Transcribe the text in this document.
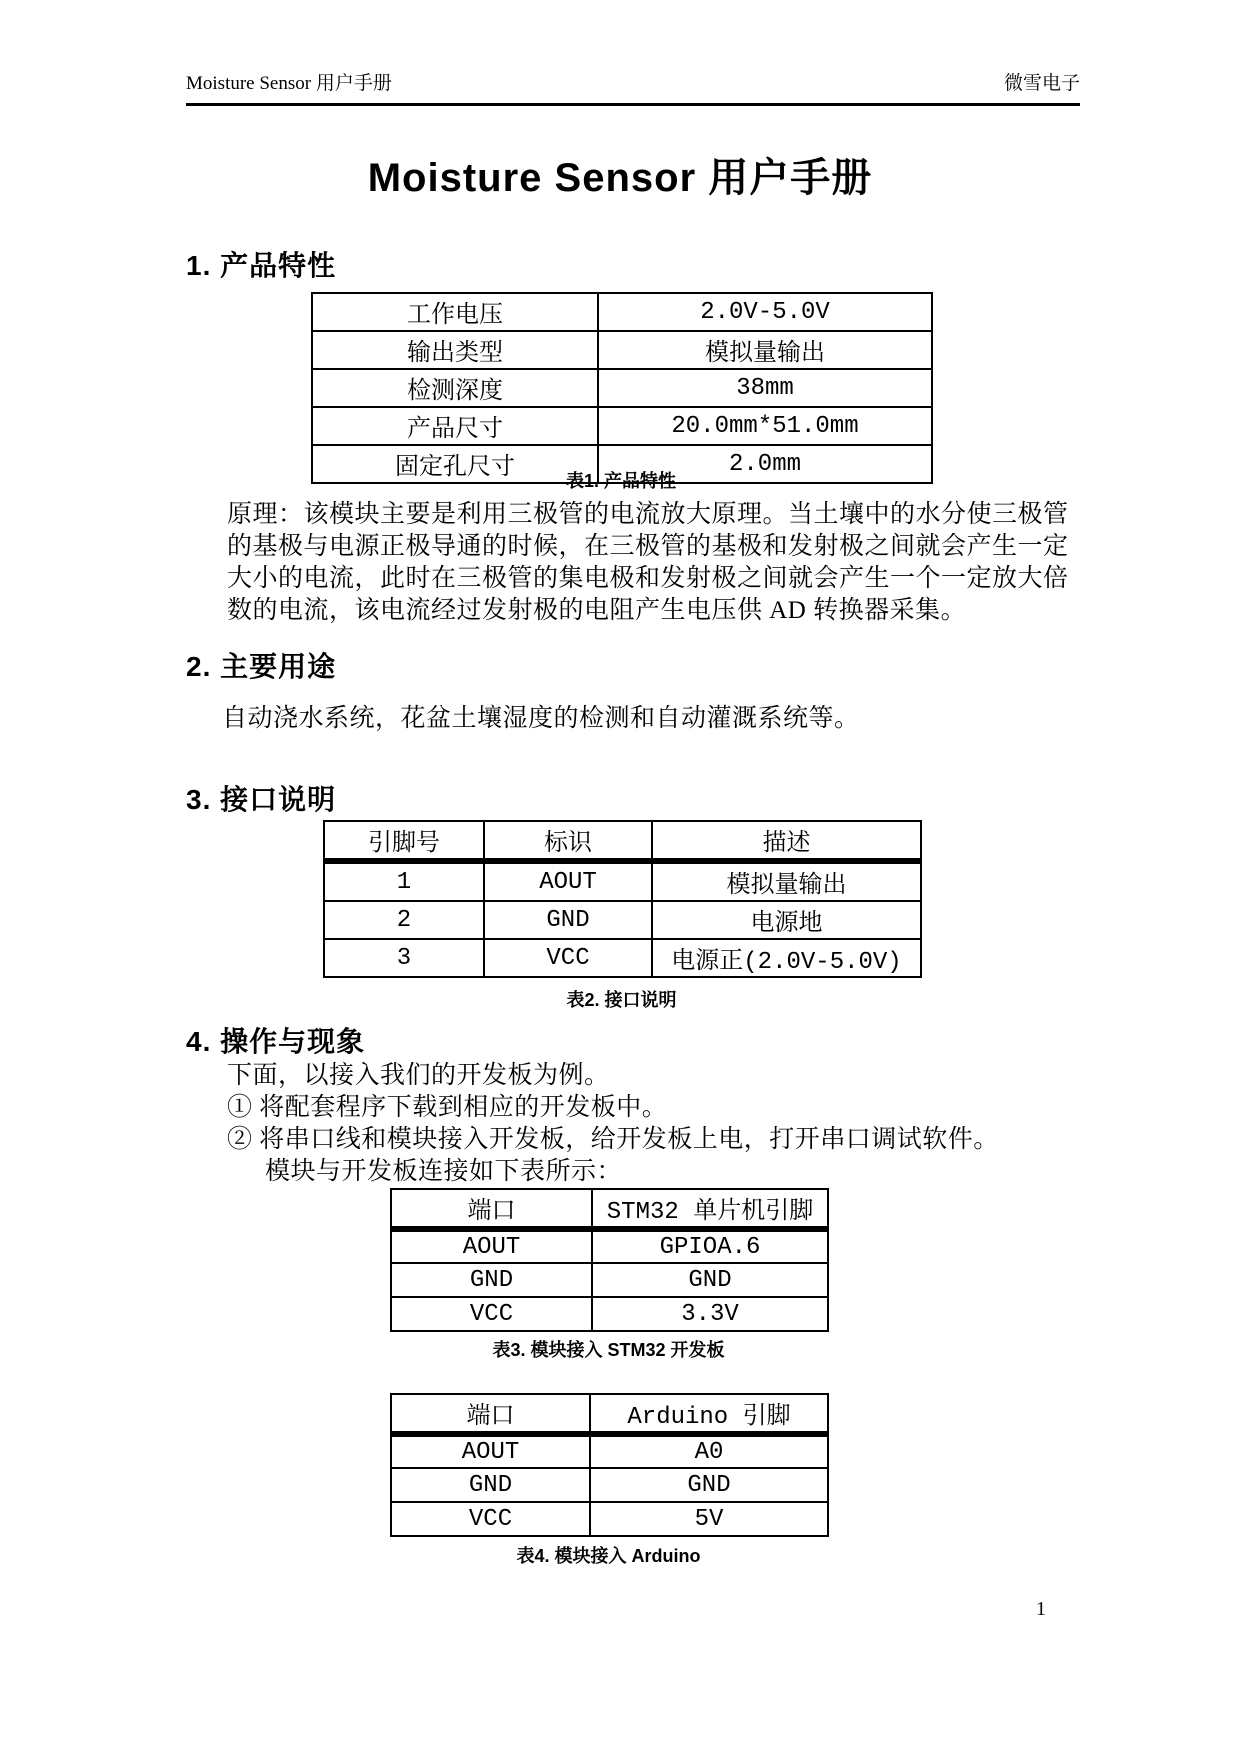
Moisture Sensor 用户手册	微雪电子
Moisture Sensor 用户手册
1. 产品特性
工作电压	2.0V-5.0V
输出类型	模拟量输出
检测深度	38mm
产品尺寸	20.0mm*51.0mm
固定孔尺寸	2.0mm
表1. 产品特性
原理：该模块主要是利用三极管的电流放大原理。当土壤中的水分使三极管
的基极与电源正极导通的时候，在三极管的基极和发射极之间就会产生一定
大小的电流，此时在三极管的集电极和发射极之间就会产生一个一定放大倍
数的电流，该电流经过发射极的电阻产生电压供 AD 转换器采集。
2. 主要用途
自动浇水系统，花盆土壤湿度的检测和自动灌溉系统等。
3. 接口说明
引脚号	标识	描述
1	AOUT	模拟量输出
2	GND	电源地
3	VCC	电源正(2.0V-5.0V)
表2. 接口说明
4. 操作与现象
下面，以接入我们的开发板为例。
① 将配套程序下载到相应的开发板中。
② 将串口线和模块接入开发板，给开发板上电，打开串口调试软件。
模块与开发板连接如下表所示：
端口	STM32 单片机引脚
AOUT	GPIOA.6
GND	GND
VCC	3.3V
表3. 模块接入 STM32 开发板
端口	Arduino 引脚
AOUT	A0
GND	GND
VCC	5V
表4. 模块接入 Arduino
1
